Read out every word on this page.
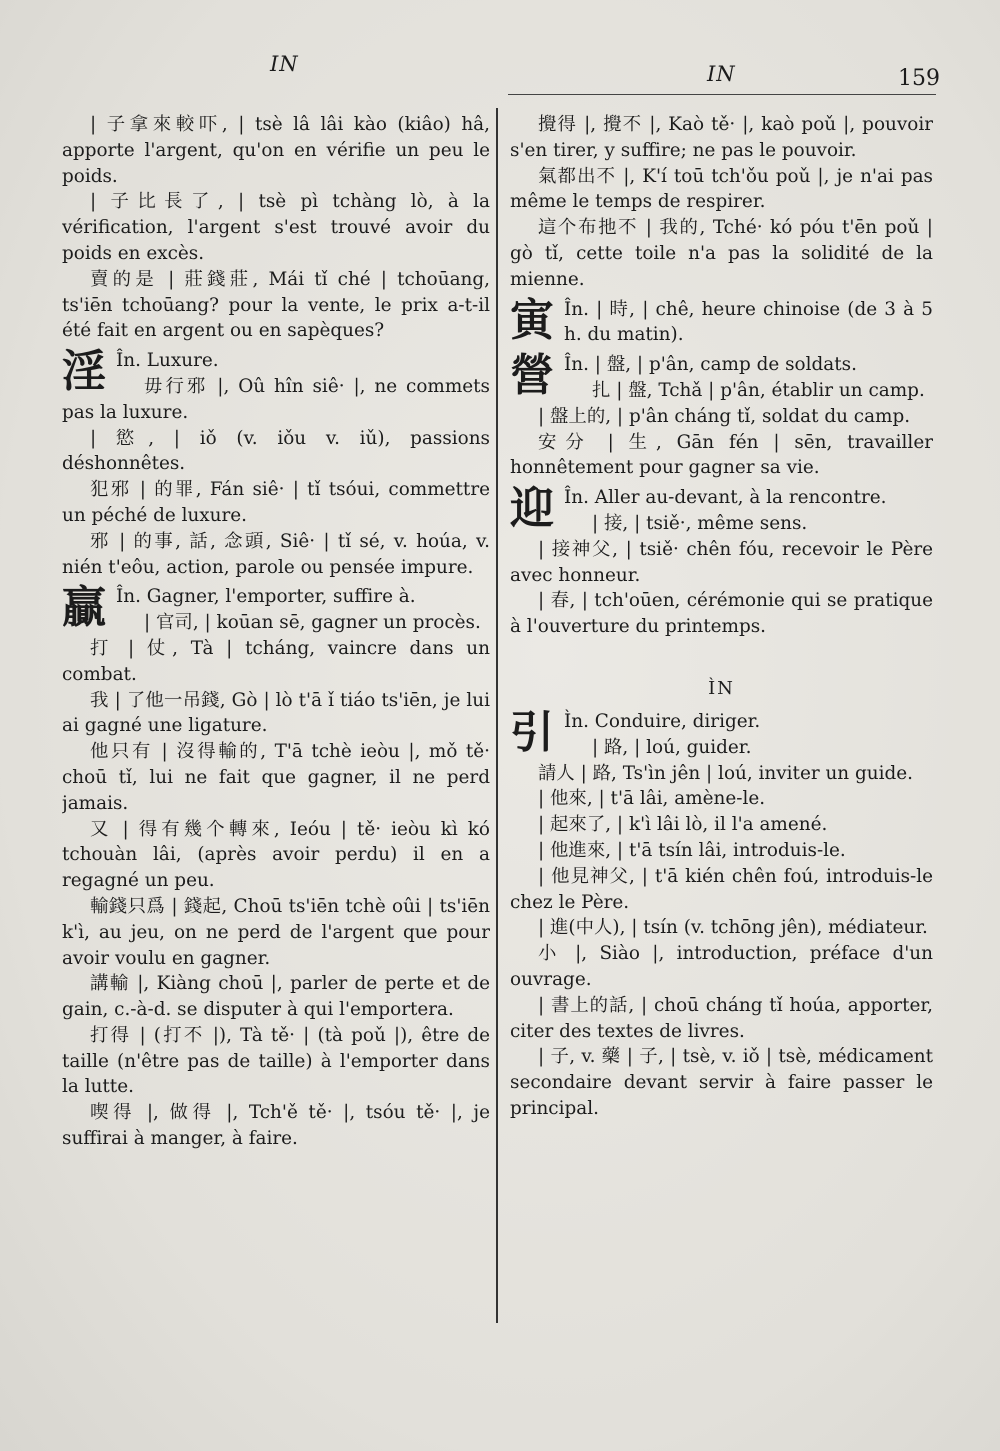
IN	IN	159

| 子拿來較吓, | tsè lâ lâi kào (kiâo) hâ, apporte l'argent, qu'on en vérifie un peu le poids.

| 子比長了, | tsè pì tchàng lò, à la vérification, l'argent s'est trouvé avoir du poids en excès.

賣的是 | 莊錢莊, Mái tǐ ché | tchoūang, ts'iēn tchoūang? pour la vente, le prix a-t-il été fait en argent ou en sapèques?

淫 În. Luxure.

毋行邪 |, Oû hîn siê· |, ne commets pas la luxure.

| 慾, | iǒ (v. iǒu v. iǔ), passions déshonnêtes.

犯邪 | 的罪, Fán siê· | tǐ tsóui, commettre un péché de luxure.

邪 | 的事, 話, 念頭, Siê· | tǐ sé, v. hoúa, v. nién t'eôu, action, parole ou pensée impure.

贏 În. Gagner, l'emporter, suffire à.

| 官司, | koūan sē, gagner un procès.

打 | 仗, Tà | tcháng, vaincre dans un combat.

我 | 了他一吊錢, Gò | lò t'ā ǐ tiáo ts'iēn, je lui ai gagné une ligature.

他只有 | 沒得輸的, T'ā tchè ieòu |, mǒ tě· choū tǐ, lui ne fait que gagner, il ne perd jamais.

又 | 得有幾个轉來, Ieóu | tě· ieòu kì kó tchouàn lâi, (après avoir perdu) il en a regagné un peu.

輸錢只爲 | 錢起, Choū ts'iēn tchè oûi | ts'iēn k'ì, au jeu, on ne perd de l'argent que pour avoir voulu en gagner.

講輸 |, Kiàng choū |, parler de perte et de gain, c.-à-d. se disputer à qui l'emportera.

打得 | (打不 |), Tà tě· | (tà poǔ |), être de taille (n'être pas de taille) à l'emporter dans la lutte.

喫得 |, 做得 |, Tch'ě tě· |, tsóu tě· |, je suffirai à manger, à faire.

攪得 |, 攪不 |, Kaò tě· |, kaò poǔ |, pouvoir s'en tirer, y suffire; ne pas le pouvoir.

氣都出不 |, K'í toū tch'ǒu poǔ |, je n'ai pas même le temps de respirer.

這个布扡不 | 我的, Tché· kó póu t'ēn poǔ | gò tǐ, cette toile n'a pas la solidité de la mienne.

寅 În. | 時, | chê, heure chinoise (de 3 à 5 h. du matin).

營 În. | 盤, | p'ân, camp de soldats.

扎 | 盤, Tchǎ | p'ân, établir un camp.

| 盤上的, | p'ân cháng tǐ, soldat du camp.

安分 | 生, Gān fén | sēn, travailler honnêtement pour gagner sa vie.

迎 În. Aller au-devant, à la rencontre.

| 接, | tsiě·, même sens.

| 接神父, | tsiě· chên fóu, recevoir le Père avec honneur.

| 春, | tch'oūen, cérémonie qui se pratique à l'ouverture du printemps.

ÌN

引 Ìn. Conduire, diriger.

| 路, | loú, guider.

請人 | 路, Ts'ìn jên | loú, inviter un guide.

| 他來, | t'ā lâi, amène-le.

| 起來了, | k'ì lâi lò, il l'a amené.

| 他進來, | t'ā tsín lâi, introduis-le.

| 他見神父, | t'ā kién chên foú, introduis-le chez le Père.

| 進(中人), | tsín (v. tchōng jên), médiateur.

小 |, Siào |, introduction, préface d'un ouvrage.

| 書上的話, | choū cháng tǐ hoúa, apporter, citer des textes de livres.

| 子, v. 藥 | 子, | tsè, v. iǒ | tsè, médicament secondaire devant servir à faire passer le principal.
